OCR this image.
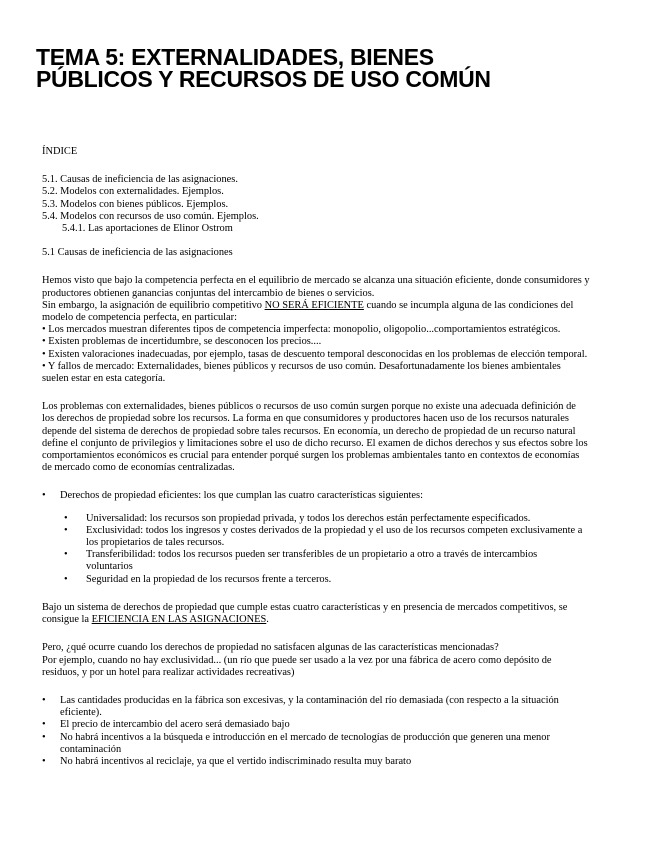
TEMA 5: EXTERNALIDADES, BIENES
PÚBLICOS Y RECURSOS DE USO COMÚN
ÍNDICE
5.1. Causas de ineficiencia de las asignaciones.
5.2. Modelos con externalidades. Ejemplos.
5.3. Modelos con bienes públicos. Ejemplos.
5.4. Modelos con recursos de uso común. Ejemplos.
5.4.1. Las aportaciones de Elinor Ostrom
5.1 Causas de ineficiencia de las asignaciones
Hemos visto que bajo la competencia perfecta en el equilibrio de mercado se alcanza una situación eficiente, donde consumidores y
productores obtienen ganancias conjuntas del intercambio de bienes o servicios.
Sin embargo, la asignación de equilibrio competitivo NO SERÁ EFICIENTE cuando se incumpla alguna de las condiciones del
modelo de competencia perfecta, en particular:
• Los mercados muestran diferentes tipos de competencia imperfecta: monopolio, oligopolio...comportamientos estratégicos.
• Existen problemas de incertidumbre, se desconocen los precios....
• Existen valoraciones inadecuadas, por ejemplo, tasas de descuento temporal desconocidas en los problemas de elección temporal.
• Y fallos de mercado: Externalidades, bienes públicos y recursos de uso común. Desafortunadamente los bienes ambientales
suelen estar en esta categoría.
Los problemas con externalidades, bienes públicos o recursos de uso común surgen porque no existe una adecuada definición de
los derechos de propiedad sobre los recursos. La forma en que consumidores y productores hacen uso de los recursos naturales
depende del sistema de derechos de propiedad sobre tales recursos. En economía, un derecho de propiedad de un recurso natural
define el conjunto de privilegios y limitaciones sobre el uso de dicho recurso. El examen de dichos derechos y sus efectos sobre los
comportamientos económicos es crucial para entender porqué surgen los problemas ambientales tanto en contextos de economías
de mercado como de economías centralizadas.
• Derechos de propiedad eficientes: los que cumplan las cuatro características siguientes:
• Universalidad: los recursos son propiedad privada, y todos los derechos están perfectamente especificados.
• Exclusividad: todos los ingresos y costes derivados de la propiedad y el uso de los recursos competen exclusivamente a
los propietarios de tales recursos.
• Transferibilidad: todos los recursos pueden ser transferibles de un propietario a otro a través de intercambios
voluntarios
• Seguridad en la propiedad de los recursos frente a terceros.
Bajo un sistema de derechos de propiedad que cumple estas cuatro características y en presencia de mercados competitivos, se
consigue la EFICIENCIA EN LAS ASIGNACIONES.
Pero, ¿qué ocurre cuando los derechos de propiedad no satisfacen algunas de las características mencionadas?
Por ejemplo, cuando no hay exclusividad... (un río que puede ser usado a la vez por una fábrica de acero como depósito de
residuos, y por un hotel para realizar actividades recreativas)
• Las cantidades producidas en la fábrica son excesivas, y la contaminación del río demasiada (con respecto a la situación
eficiente).
• El precio de intercambio del acero será demasiado bajo
• No habrá incentivos a la búsqueda e introducción en el mercado de tecnologías de producción que generen una menor
contaminación
• No habrá incentivos al reciclaje, ya que el vertido indiscriminado resulta muy barato
